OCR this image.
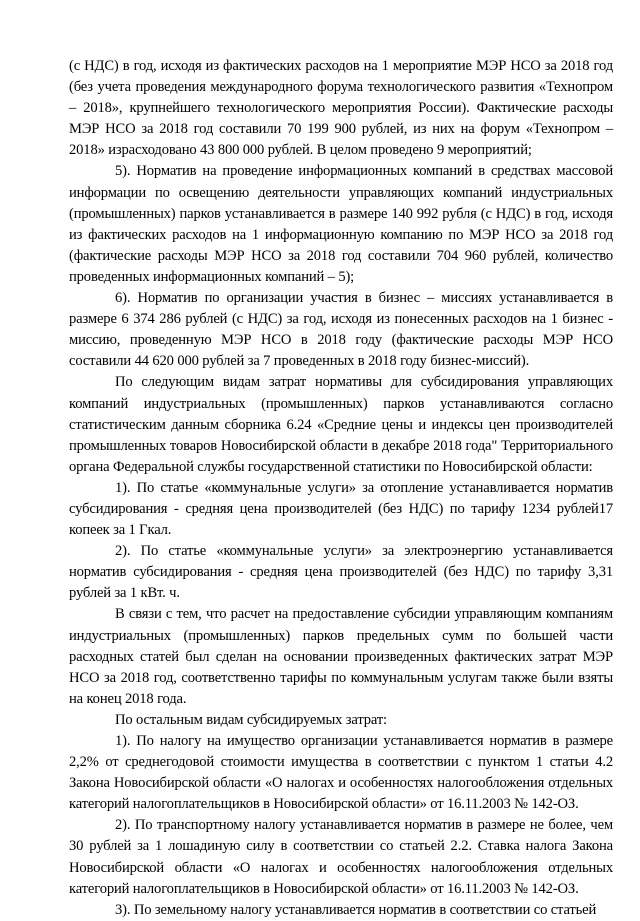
(с НДС) в год, исходя из фактических расходов на 1 мероприятие МЭР НСО за 2018 год (без учета проведения международного форума технологического развития «Технопром – 2018», крупнейшего технологического мероприятия России). Фактические расходы МЭР НСО за 2018 год составили 70 199 900 рублей, из них на форум «Технопром – 2018» израсходовано 43 800 000 рублей. В целом проведено 9 мероприятий;

5). Норматив на проведение информационных компаний в средствах массовой информации по освещению деятельности управляющих компаний индустриальных (промышленных) парков устанавливается в размере 140 992 рубля (с НДС) в год, исходя из фактических расходов на 1 информационную компанию по МЭР НСО за 2018 год (фактические расходы МЭР НСО за 2018 год составили 704 960 рублей, количество проведенных информационных компаний – 5);

6). Норматив по организации участия в бизнес – миссиях устанавливается в размере 6 374 286 рублей (с НДС) за год, исходя из понесенных расходов на 1 бизнес - миссию, проведенную МЭР НСО в 2018 году (фактические расходы МЭР НСО составили 44 620 000 рублей за 7 проведенных в 2018 году бизнес-миссий).

По следующим видам затрат нормативы для субсидирования управляющих компаний индустриальных (промышленных) парков устанавливаются согласно статистическим данным сборника 6.24 «Средние цены и индексы цен производителей промышленных товаров Новосибирской области в декабре 2018 года" Территориального органа Федеральной службы государственной статистики по Новосибирской области:

1). По статье «коммунальные услуги» за отопление устанавливается норматив субсидирования - средняя цена производителей (без НДС) по тарифу 1234 рублей17 копеек за 1 Гкал.

2). По статье «коммунальные услуги» за электроэнергию устанавливается норматив субсидирования - средняя цена производителей (без НДС) по тарифу 3,31 рублей за 1 кВт. ч.

В связи с тем, что расчет на предоставление субсидии управляющим компаниям индустриальных (промышленных) парков предельных сумм по большей части расходных статей был сделан на основании произведенных фактических затрат МЭР НСО за 2018 год, соответственно тарифы по коммунальным услугам также были взяты на конец 2018 года.

По остальным видам субсидируемых затрат:

1). По налогу на имущество организации устанавливается норматив в размере 2,2% от среднегодовой стоимости имущества в соответствии с пунктом 1 статьи 4.2 Закона Новосибирской области «О налогах и особенностях налогообложения отдельных категорий налогоплательщиков в Новосибирской области» от 16.11.2003 № 142-ОЗ.

2). По транспортному налогу устанавливается норматив в размере не более, чем 30 рублей за 1 лошадиную силу в соответствии со статьей 2.2. Ставка налога Закона Новосибирской области «О налогах и особенностях налогообложения отдельных категорий налогоплательщиков в Новосибирской области» от 16.11.2003 № 142-ОЗ.

3). По земельному налогу устанавливается норматив в соответствии со статьей
